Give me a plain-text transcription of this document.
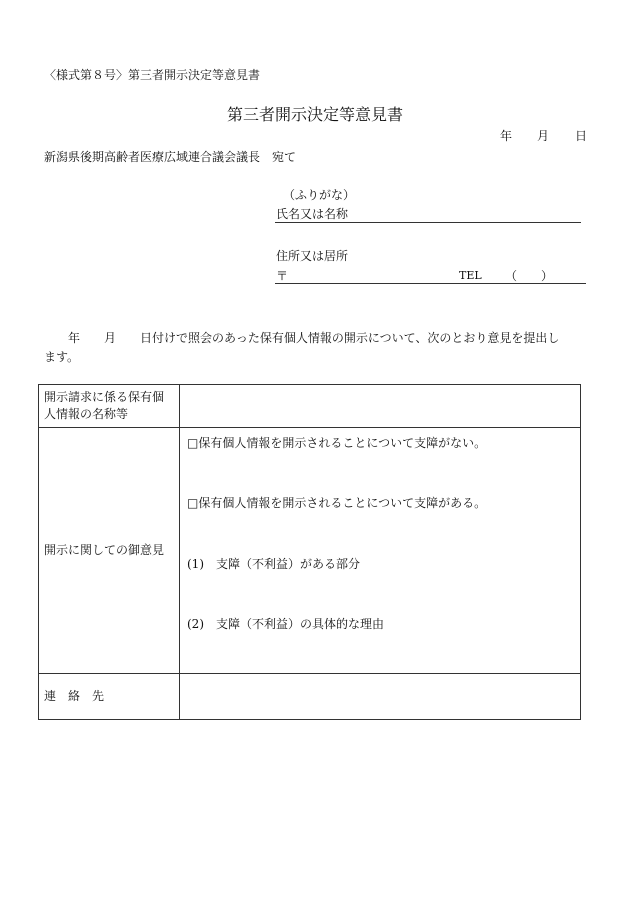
〈様式第８号〉第三者開示決定等意見書
第三者開示決定等意見書
年 月 日
新潟県後期高齢者医療広域連合議会議長　宛て
（ふりがな）
氏名又は名称
住所又は居所
〒	TEL （　　）
　　年　　月　　日付けで照会のあった保有個人情報の開示について、次のとおり意見を提出し
ます。
開示請求に係る保有個
人情報の名称等	

開示に関しての御意見	□保有個人情報を開示されることについて支障がない。
□保有個人情報を開示されることについて支障がある。
(1)　支障（不利益）がある部分
(2)　支障（不利益）の具体的な理由

連　絡　先	
